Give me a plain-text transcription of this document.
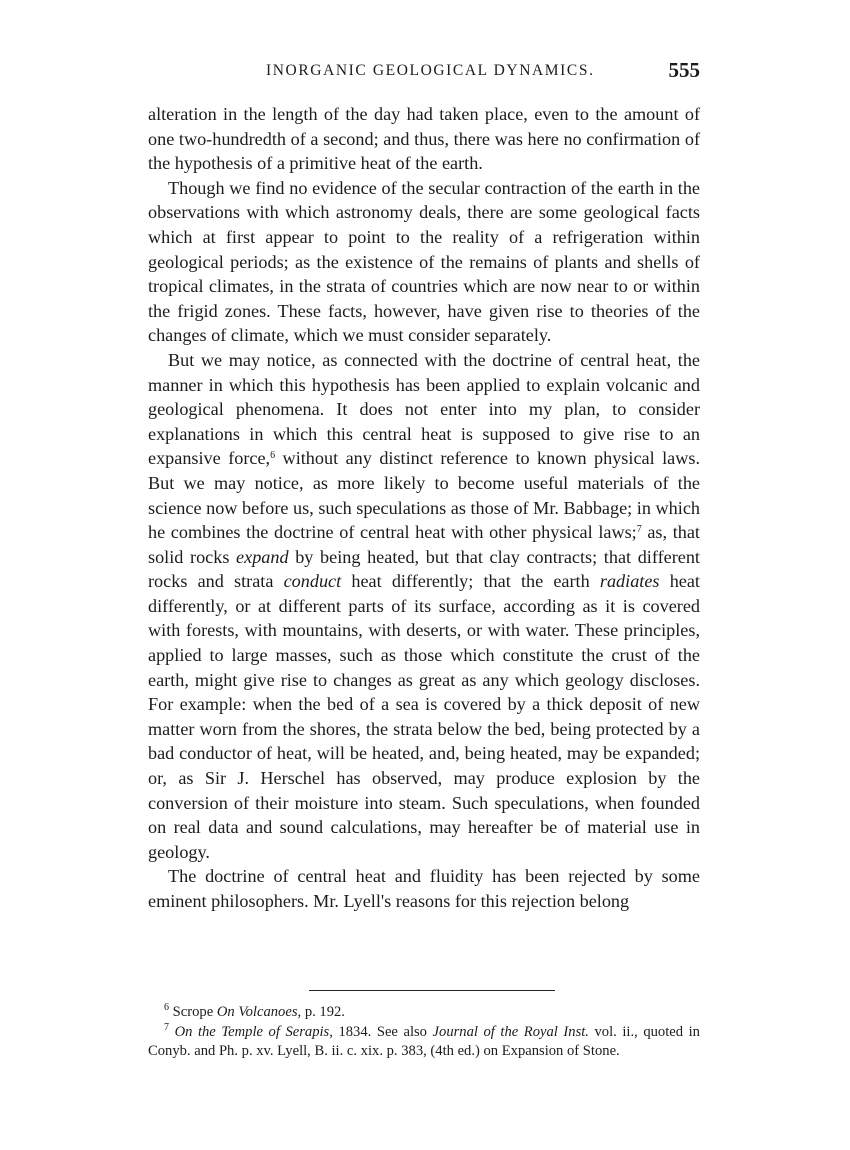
INORGANIC GEOLOGICAL DYNAMICS.	555

alteration in the length of the day had taken place, even to the amount of one two-hundredth of a second; and thus, there was here no confirmation of the hypothesis of a primitive heat of the earth.

Though we find no evidence of the secular contraction of the earth in the observations with which astronomy deals, there are some geological facts which at first appear to point to the reality of a refrigeration within geological periods; as the existence of the remains of plants and shells of tropical climates, in the strata of countries which are now near to or within the frigid zones. These facts, however, have given rise to theories of the changes of climate, which we must consider separately.

But we may notice, as connected with the doctrine of central heat, the manner in which this hypothesis has been applied to explain volcanic and geological phenomena. It does not enter into my plan, to consider explanations in which this central heat is supposed to give rise to an expansive force,$^6$ without any distinct reference to known physical laws. But we may notice, as more likely to become useful materials of the science now before us, such speculations as those of Mr. Babbage; in which he combines the doctrine of central heat with other physical laws;$^7$ as, that solid rocks expand by being heated, but that clay contracts; that different rocks and strata conduct heat differently; that the earth radiates heat differently, or at different parts of its surface, according as it is covered with forests, with mountains, with deserts, or with water. These principles, applied to large masses, such as those which constitute the crust of the earth, might give rise to changes as great as any which geology discloses. For example: when the bed of a sea is covered by a thick deposit of new matter worn from the shores, the strata below the bed, being protected by a bad conductor of heat, will be heated, and, being heated, may be expanded; or, as Sir J. Herschel has observed, may produce explosion by the conversion of their moisture into steam. Such speculations, when founded on real data and sound calculations, may hereafter be of material use in geology.

The doctrine of central heat and fluidity has been rejected by some eminent philosophers. Mr. Lyell's reasons for this rejection belong

$^6$ Scrope On Volcanoes, p. 192.

$^7$ On the Temple of Serapis, 1834. See also Journal of the Royal Inst. vol. ii., quoted in Conyb. and Ph. p. xv. Lyell, B. ii. c. xix. p. 383, (4th ed.) on Expansion of Stone.
